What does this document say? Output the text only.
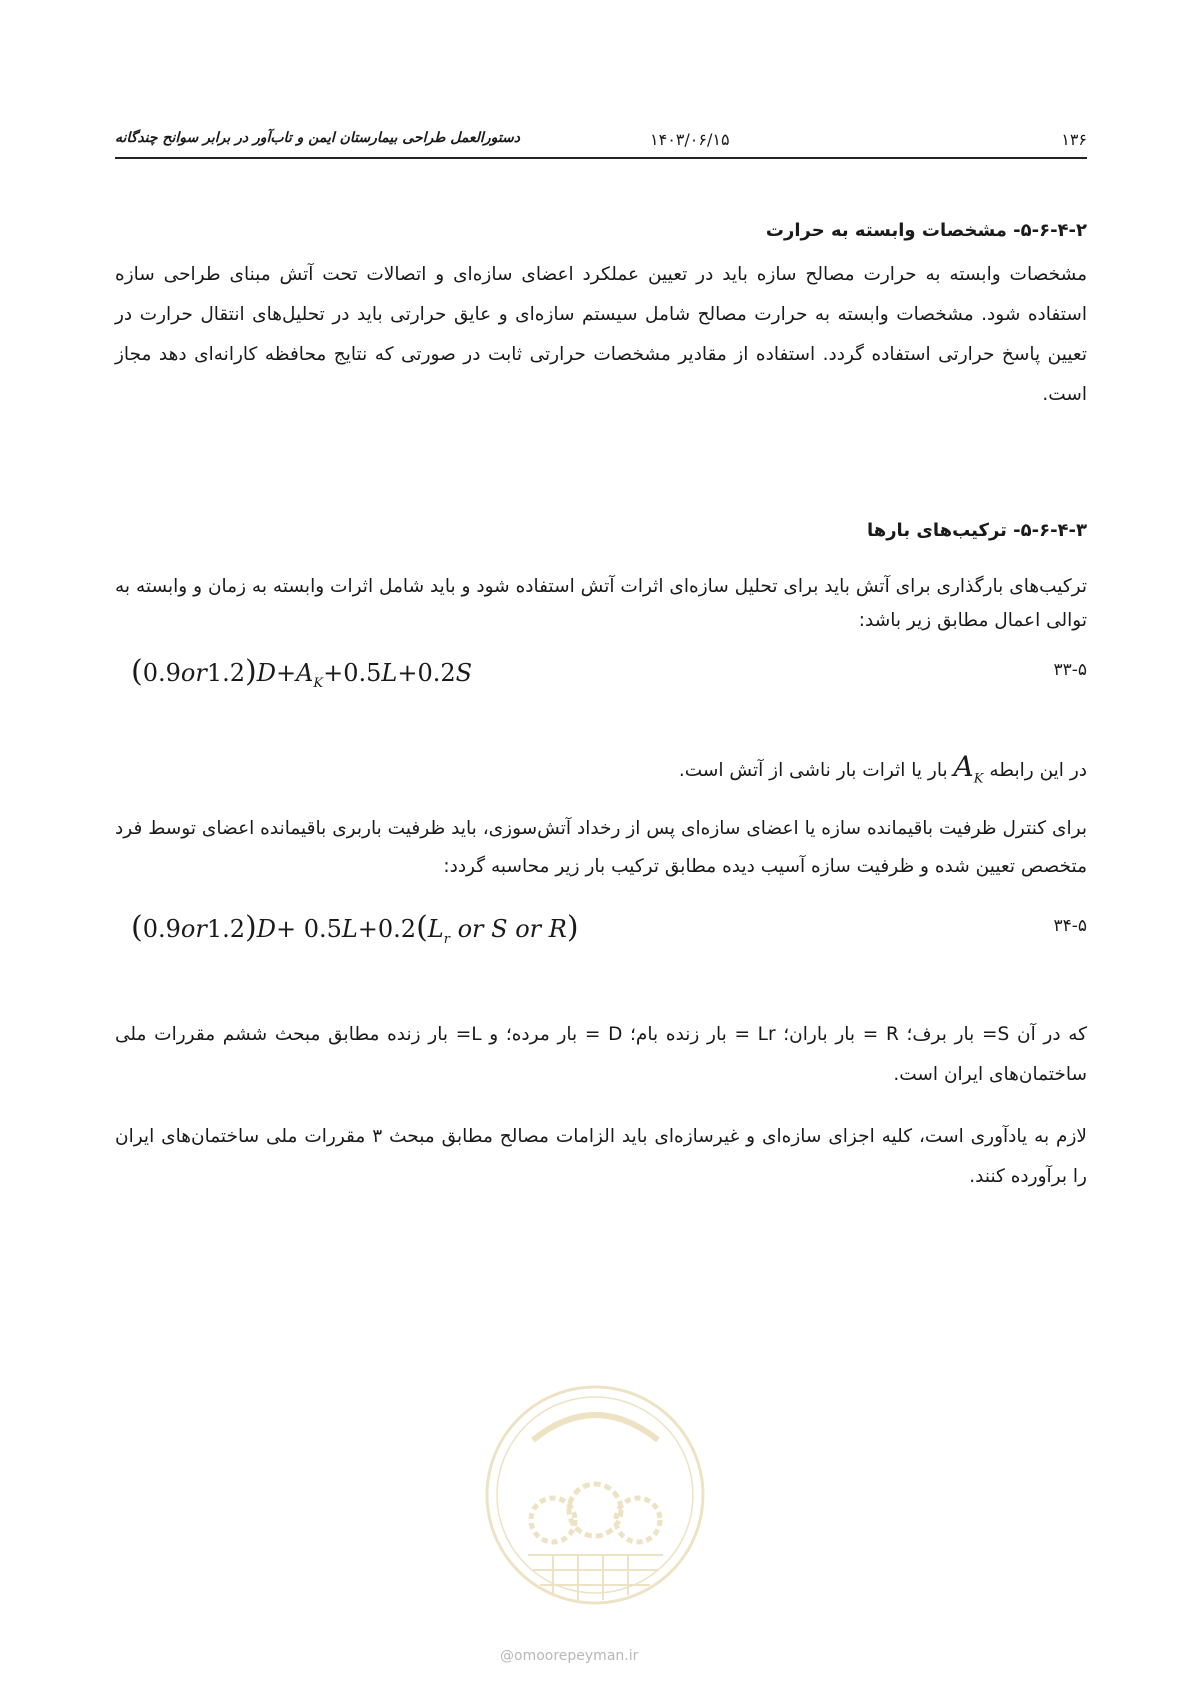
۱۳۶
۱۴۰۳/۰۶/۱۵
دستورالعمل طراحی بیمارستان ایمن و تاب‌آور در برابر سوانح چندگانه
۵-۶-۴-۲- مشخصات وابسته به حرارت
مشخصات وابسته به حرارت مصالح سازه باید در تعیین عملکرد اعضای سازه‌ای و اتصالات تحت آتش مبنای طراحی سازه استفاده شود. مشخصات وابسته به حرارت مصالح شامل سیستم سازه‌ای و عایق حرارتی باید در تحلیل‌های انتقال حرارت در تعیین پاسخ حرارتی استفاده گردد. استفاده از مقادیر مشخصات حرارتی ثابت در صورتی که نتایج محافظه کارانه‌ای دهد مجاز است.
۵-۶-۴-۳- ترکیب‌های بارها
ترکیب‌های بارگذاری برای آتش باید برای تحلیل سازه‌ای اثرات آتش استفاده شود و باید شامل اثرات وابسته به زمان و وابسته به توالی اعمال مطابق زیر باشد:
$(0.9or1.2)D+A_K+0.5L+0.2S$	۳۳-۵
در این رابطه $A_K$ بار یا اثرات بار ناشی از آتش است.
برای کنترل ظرفیت باقیمانده سازه یا اعضای سازه‌ای پس از رخداد آتش‌سوزی، باید ظرفیت باربری باقیمانده اعضای توسط فرد متخصص تعیین شده و ظرفیت سازه آسیب دیده مطابق ترکیب بار زیر محاسبه گردد:
$(0.9or1.2)D+ 0.5L+0.2(L_r$ or S or R)	۳۴-۵
که در آن S= بار برف؛ R = بار باران؛ Lr = بار زنده بام؛ D = بار مرده؛ و L= بار زنده مطابق مبحث ششم مقررات ملی ساختمان‌های ایران است.
لازم به یادآوری است، کلیه اجزای سازه‌ای و غیرسازه‌ای باید الزامات مصالح مطابق مبحث ۳ مقررات ملی ساختمان‌های ایران را برآورده کنند.
@omoorepeyman.ir
